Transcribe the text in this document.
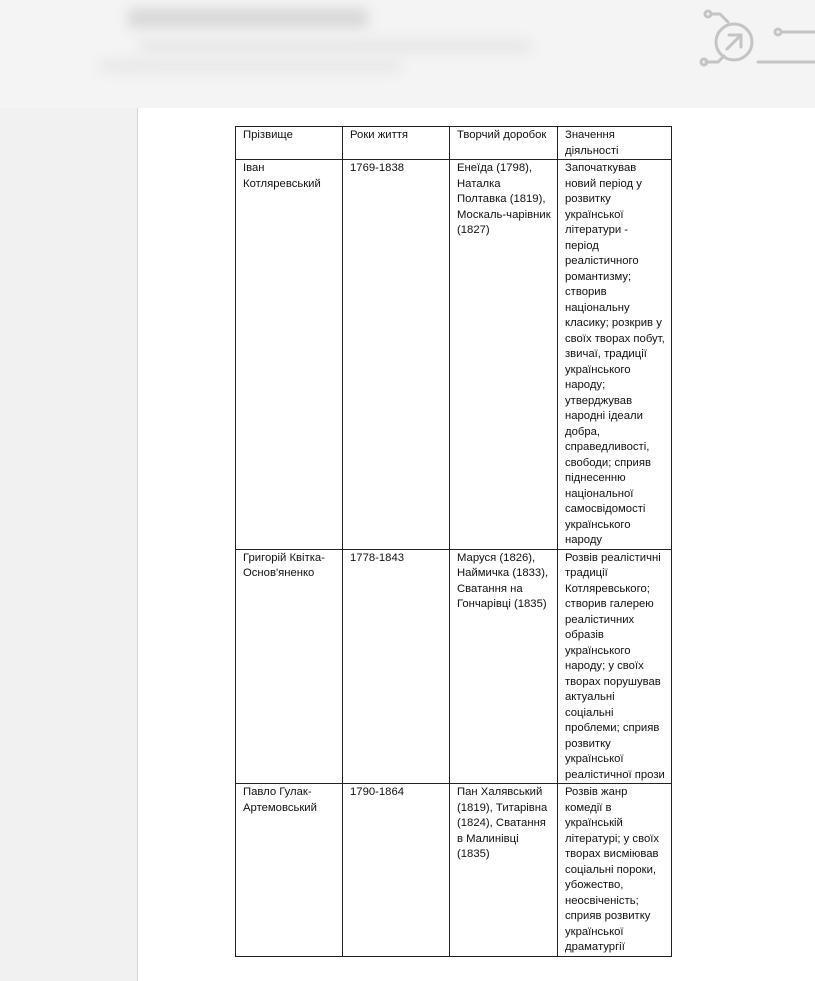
Прізвище	Роки життя	Творчий доробок	Значення діяльності
Іван Котляревський	1769-1838	Енеїда (1798), Наталка Полтавка (1819), Москаль-чарівник (1827)	Започаткував новий період у розвитку української літератури - період реалістичного романтизму; створив національну класику; розкрив у своїх творах побут, звичаї, традиції українського народу; утверджував народні ідеали добра, справедливості, свободи; сприяв піднесенню національної самосвідомості українського народу
Григорій Квітка-Основ'яненко	1778-1843	Маруся (1826), Наймичка (1833), Сватання на Гончарівці (1835)	Розвів реалістичні традиції Котляревського; створив галерею реалістичних образів українського народу; у своїх творах порушував актуальні соціальні проблеми; сприяв розвитку української реалістичної прози
Павло Гулак-Артемовський	1790-1864	Пан Халявський (1819), Титарівна (1824), Сватання в Малинівці (1835)	Розвів жанр комедії в українській літературі; у своїх творах висміював соціальні пороки, убожество, неосвіченість; сприяв розвитку української драматургії
